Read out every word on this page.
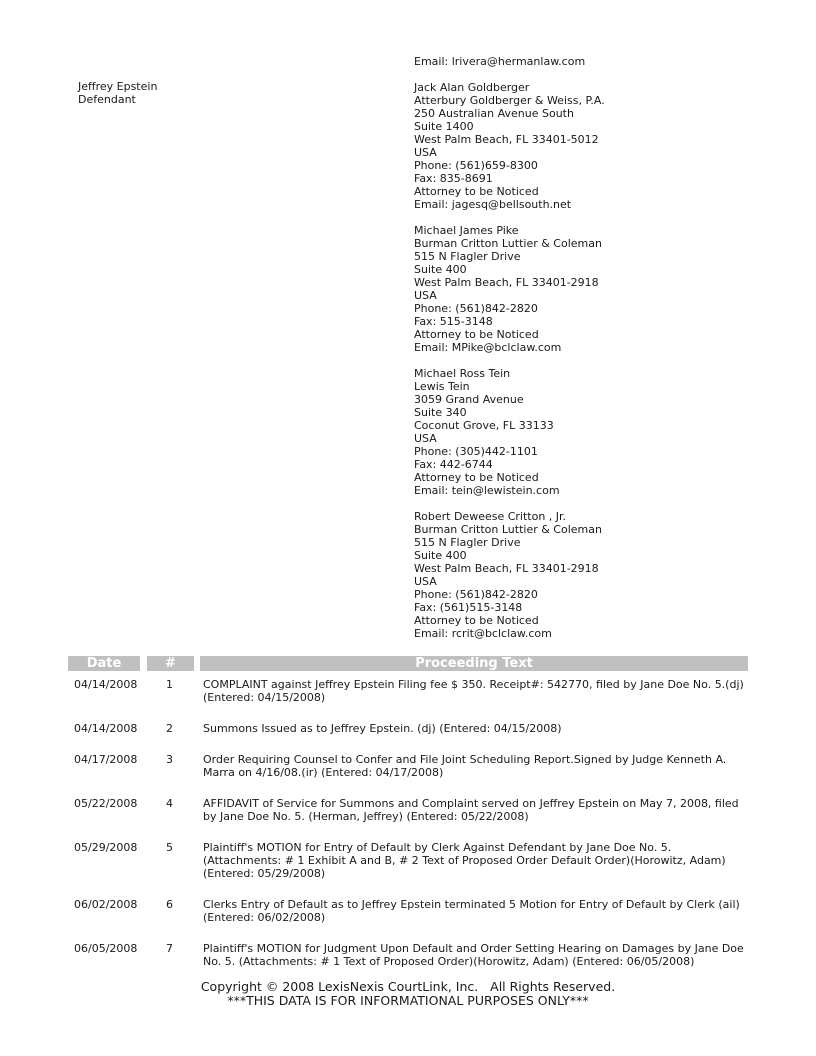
Jeffrey Epstein
Defendant
Email: lrivera@hermanlaw.com
Jack Alan Goldberger
Atterbury Goldberger & Weiss, P.A.
250 Australian Avenue South
Suite 1400
West Palm Beach, FL 33401-5012
USA
Phone: (561)659-8300
Fax: 835-8691
Attorney to be Noticed
Email: jagesq@bellsouth.net
Michael James Pike
Burman Critton Luttier & Coleman
515 N Flagler Drive
Suite 400
West Palm Beach, FL 33401-2918
USA
Phone: (561)842-2820
Fax: 515-3148
Attorney to be Noticed
Email: MPike@bclclaw.com
Michael Ross Tein
Lewis Tein
3059 Grand Avenue
Suite 340
Coconut Grove, FL 33133
USA
Phone: (305)442-1101
Fax: 442-6744
Attorney to be Noticed
Email: tein@lewistein.com
Robert Deweese Critton , Jr.
Burman Critton Luttier & Coleman
515 N Flagler Drive
Suite 400
West Palm Beach, FL 33401-2918
USA
Phone: (561)842-2820
Fax: (561)515-3148
Attorney to be Noticed
Email: rcrit@bclclaw.com
Date	#	Proceeding Text
04/14/2008	1	COMPLAINT against Jeffrey Epstein Filing fee $ 350. Receipt#: 542770, filed by Jane Doe No. 5.(dj) (Entered: 04/15/2008)
04/14/2008	2	Summons Issued as to Jeffrey Epstein. (dj) (Entered: 04/15/2008)
04/17/2008	3	Order Requiring Counsel to Confer and File Joint Scheduling Report.Signed by Judge Kenneth A. Marra on 4/16/08.(ir) (Entered: 04/17/2008)
05/22/2008	4	AFFIDAVIT of Service for Summons and Complaint served on Jeffrey Epstein on May 7, 2008, filed by Jane Doe No. 5. (Herman, Jeffrey) (Entered: 05/22/2008)
05/29/2008	5	Plaintiff's MOTION for Entry of Default by Clerk Against Defendant by Jane Doe No. 5. (Attachments: # 1 Exhibit A and B, # 2 Text of Proposed Order Default Order)(Horowitz, Adam) (Entered: 05/29/2008)
06/02/2008	6	Clerks Entry of Default as to Jeffrey Epstein terminated 5 Motion for Entry of Default by Clerk (ail) (Entered: 06/02/2008)
06/05/2008	7	Plaintiff's MOTION for Judgment Upon Default and Order Setting Hearing on Damages by Jane Doe No. 5. (Attachments: # 1 Text of Proposed Order)(Horowitz, Adam) (Entered: 06/05/2008)
Copyright © 2008 LexisNexis CourtLink, Inc.   All Rights Reserved.
***THIS DATA IS FOR INFORMATIONAL PURPOSES ONLY***
